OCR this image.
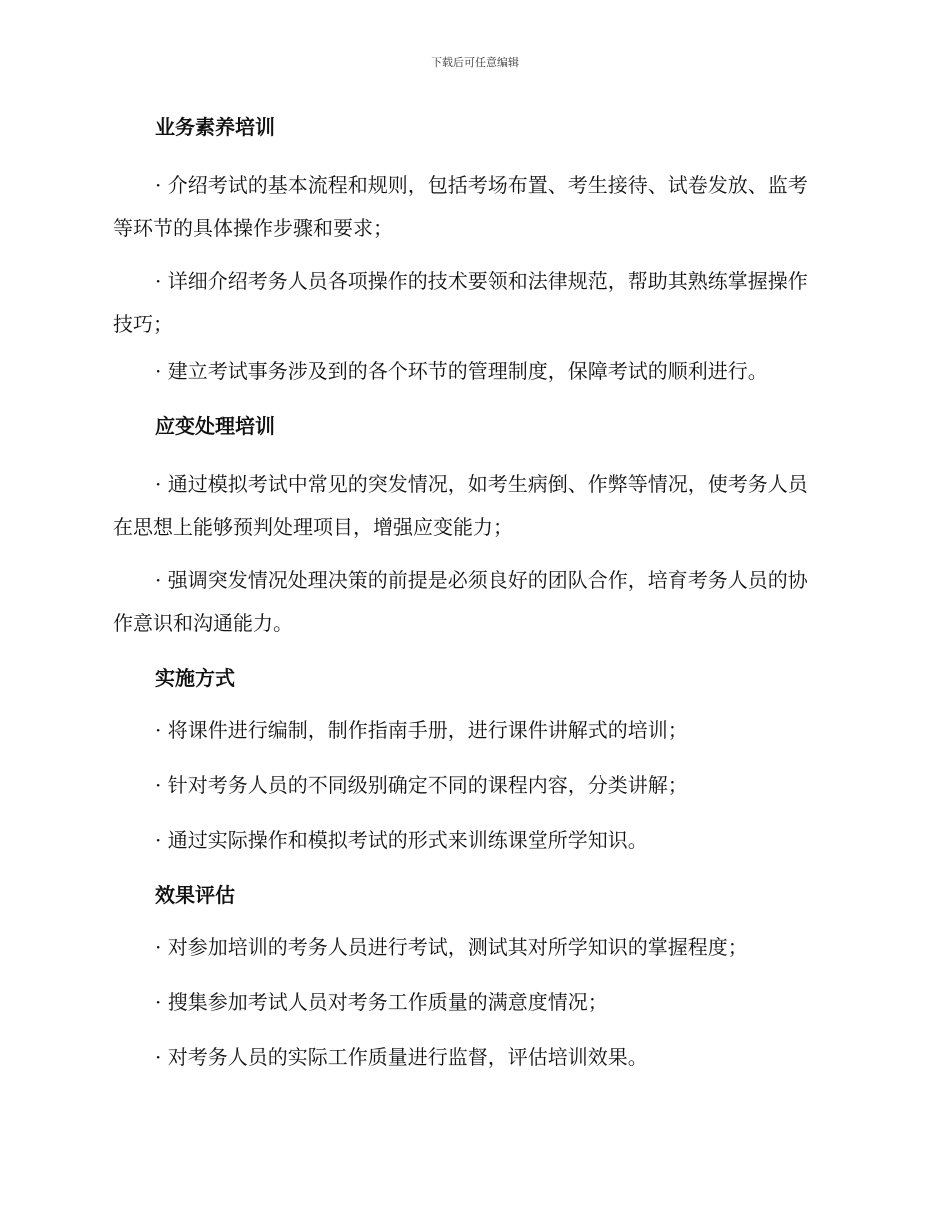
下载后可任意编辑
业务素养培训

· 介绍考试的基本流程和规则，包括考场布置、考生接待、试卷发放、监考等环节的具体操作步骤和要求；

· 详细介绍考务人员各项操作的技术要领和法律规范，帮助其熟练掌握操作技巧；

· 建立考试事务涉及到的各个环节的管理制度，保障考试的顺利进行。

应变处理培训

· 通过模拟考试中常见的突发情况，如考生病倒、作弊等情况，使考务人员在思想上能够预判处理项目，增强应变能力；

· 强调突发情况处理决策的前提是必须良好的团队合作，培育考务人员的协作意识和沟通能力。

实施方式

· 将课件进行编制，制作指南手册，进行课件讲解式的培训；

· 针对考务人员的不同级别确定不同的课程内容，分类讲解；

· 通过实际操作和模拟考试的形式来训练课堂所学知识。

效果评估

· 对参加培训的考务人员进行考试，测试其对所学知识的掌握程度；

· 搜集参加考试人员对考务工作质量的满意度情况；

· 对考务人员的实际工作质量进行监督，评估培训效果。
